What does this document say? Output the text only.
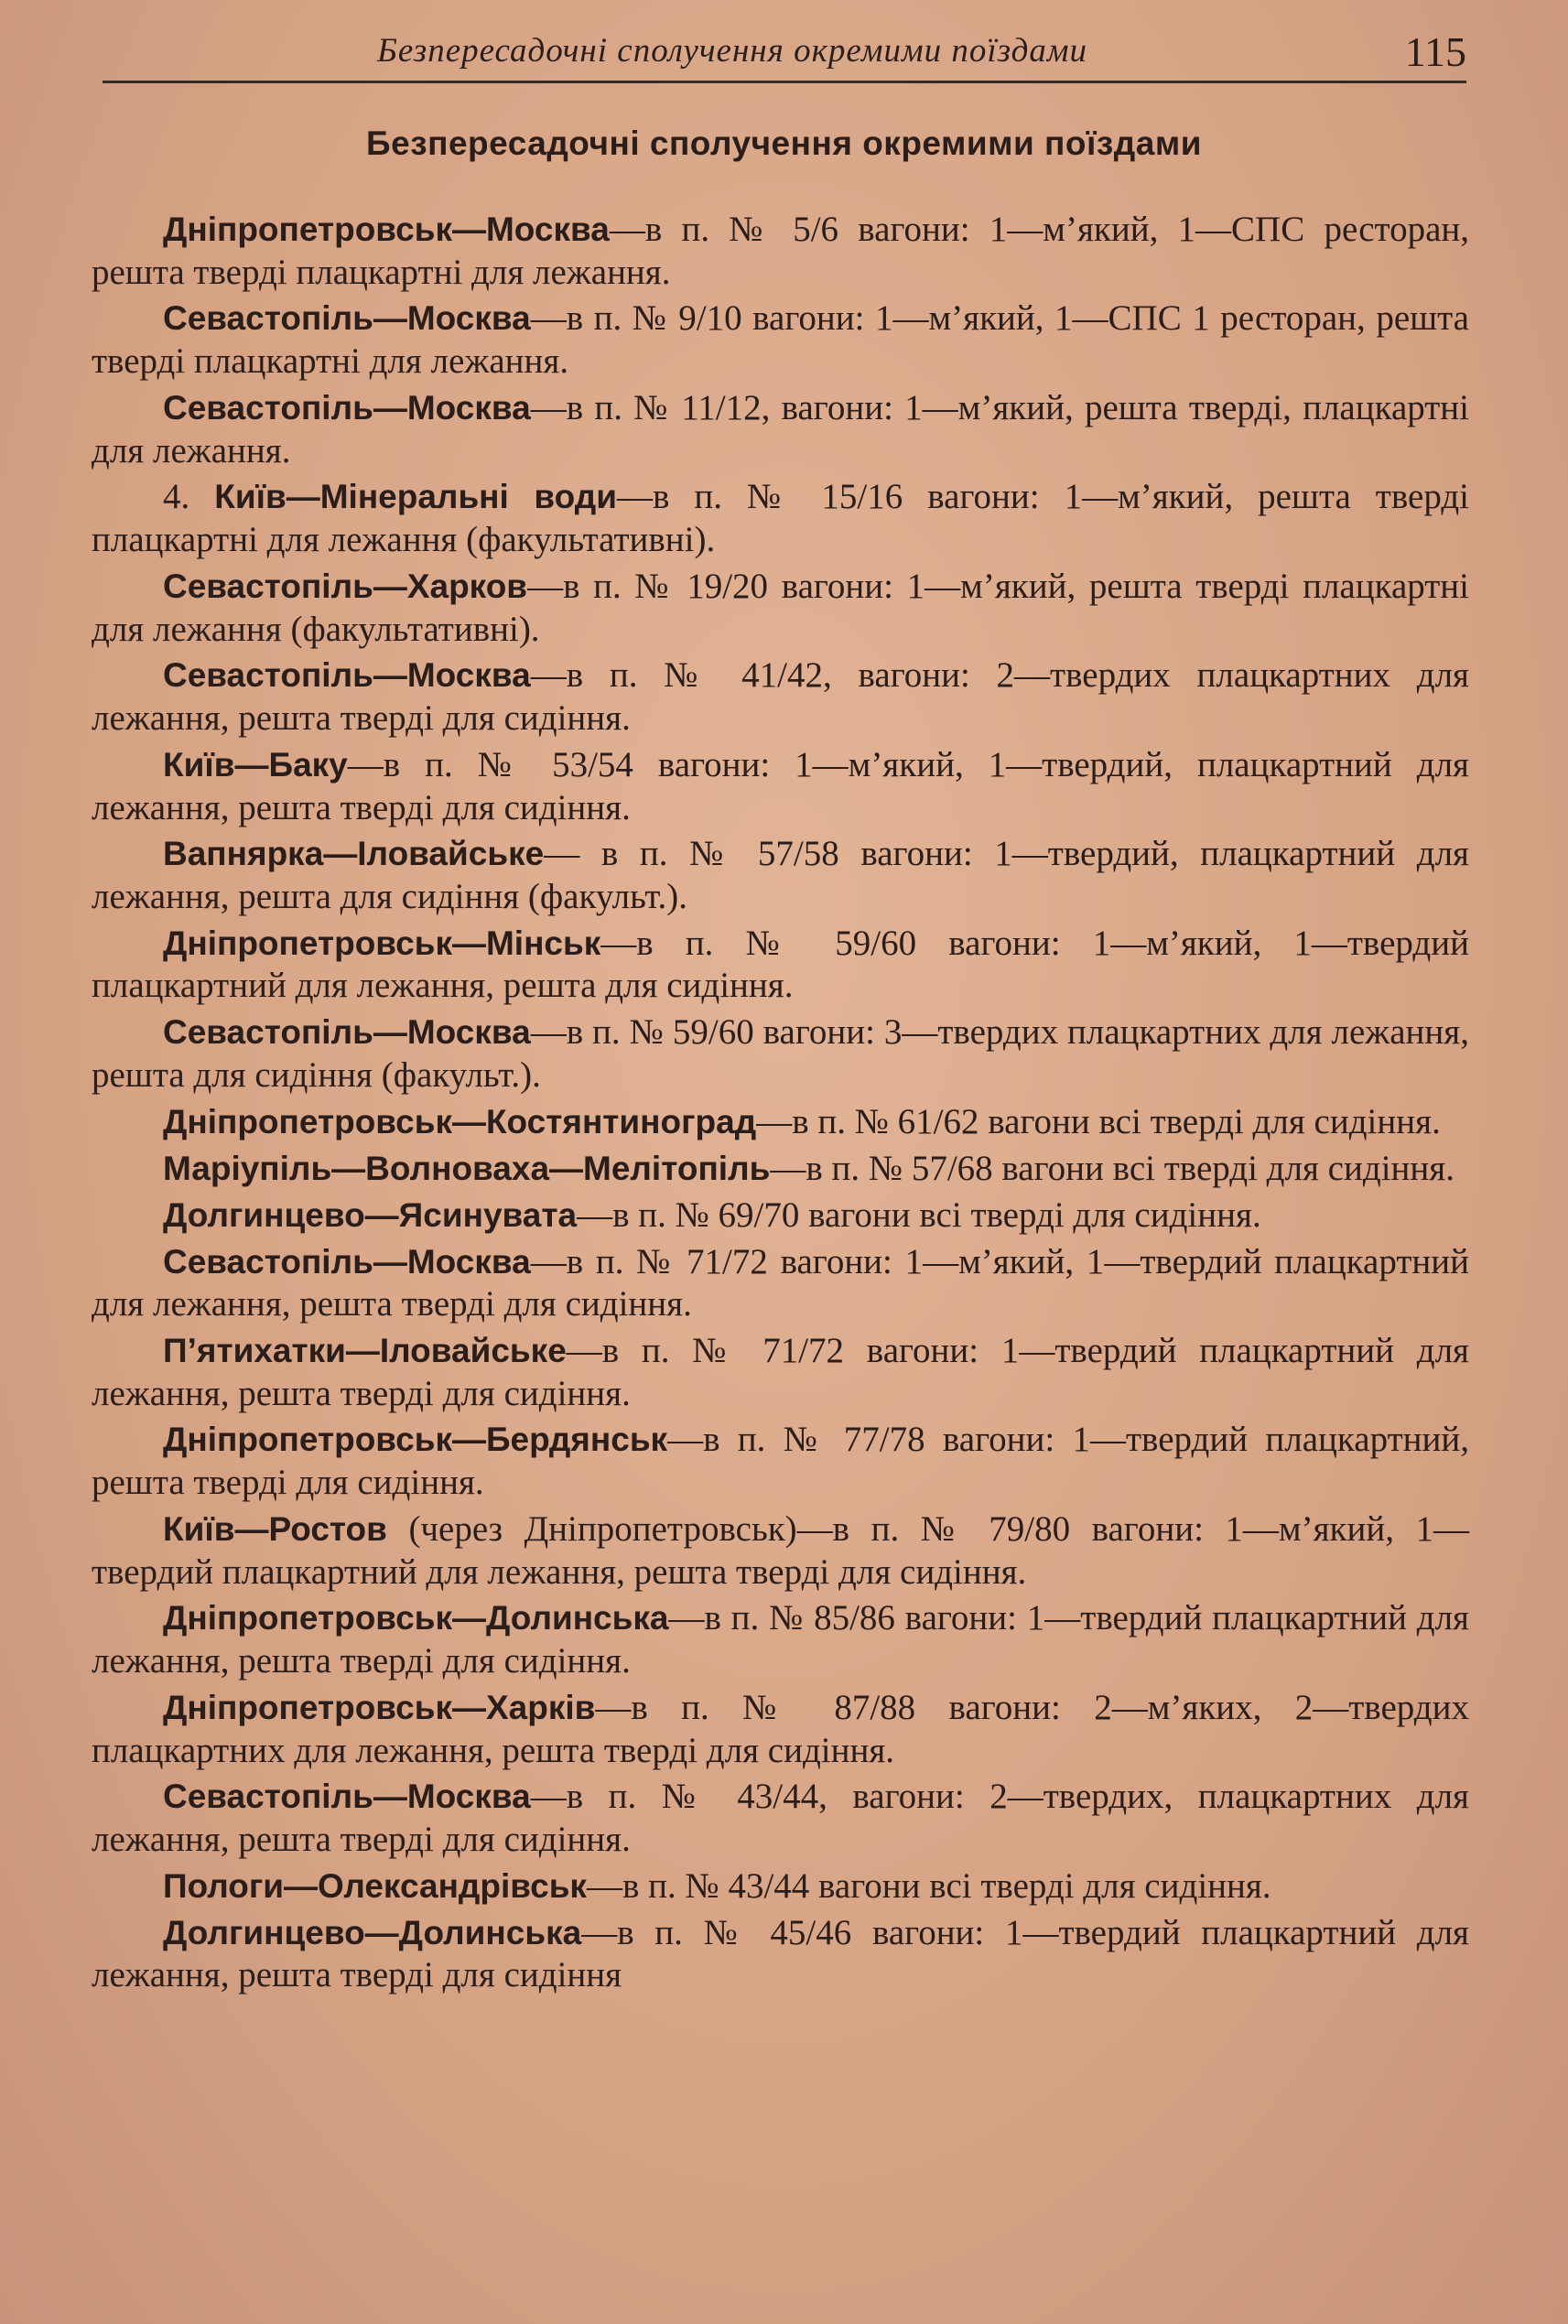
Безпересадочні сполучення окремими поїздами	115
Безпересадочні сполучення окремими поїздами

Дніпропетровськ—Москва—в п. № 5/6 вагони: 1—м’який, 1—СПС ресторан, решта тверді плацкартні для лежання.

Севастопіль—Москва—в п. № 9/10 вагони: 1—м’який, 1—СПС 1 ресторан, решта тверді плацкартні для лежання.

Севастопіль—Москва—в п. № 11/12, вагони: 1—м’який, решта тверді, плацкартні для лежання.

4. Київ—Мінеральні води—в п. № 15/16 вагони: 1—м’який, решта тверді плацкартні для лежання (факультативні).

Севастопіль—Харков—в п. № 19/20 вагони: 1—м’який, решта тверді плацкартні для лежання (факультативні).

Севастопіль—Москва—в п. № 41/42, вагони: 2—твердих плацкартних для лежання, решта тверді для сидіння.

Київ—Баку—в п. № 53/54 вагони: 1—м’який, 1—твердий, плацкартний для лежання, решта тверді для сидіння.

Вапнярка—Іловайське— в п. № 57/58 вагони: 1—твердий, плацкартний для лежання, решта для сидіння (факульт.).

Дніпропетровськ—Мінськ—в п. № 59/60 вагони: 1—м’який, 1—твердий плацкартний для лежання, решта для сидіння.

Севастопіль—Москва—в п. № 59/60 вагони: 3—твердих плацкартних для лежання, решта для сидіння (факульт.).

Дніпропетровськ—Костянтиноград—в п. № 61/62 вагони всі тверді для сидіння.

Маріупіль—Волноваха—Мелітопіль—в п. № 57/68 вагони всі тверді для сидіння.

Долгинцево—Ясинувата—в п. № 69/70 вагони всі тверді для сидіння.

Севастопіль—Москва—в п. № 71/72 вагони: 1—м’який, 1—твердий плацкартний для лежання, решта тверді для сидіння.

П’ятихатки—Іловайське—в п. № 71/72 вагони: 1—твердий плацкартний для лежання, решта тверді для сидіння.

Дніпропетровськ—Бердянськ—в п. № 77/78 вагони: 1—твердий плацкартний, решта тверді для сидіння.

Київ—Ростов (через Дніпропетровськ)—в п. № 79/80 вагони: 1—м’який, 1—твердий плацкартний для лежання, решта тверді для сидіння.

Дніпропетровськ—Долинська—в п. № 85/86 вагони: 1—твердий плацкартний для лежання, решта тверді для сидіння.

Дніпропетровськ—Харків—в п. № 87/88 вагони: 2—м’яких, 2—твердих плацкартних для лежання, решта тверді для сидіння.

Севастопіль—Москва—в п. № 43/44, вагони: 2—твердих, плацкартних для лежання, решта тверді для сидіння.

Пологи—Олександрівськ—в п. № 43/44 вагони всі тверді для сидіння.

Долгинцево—Долинська—в п. № 45/46 вагони: 1—твердий плацкартний для лежання, решта тверді для сидіння
